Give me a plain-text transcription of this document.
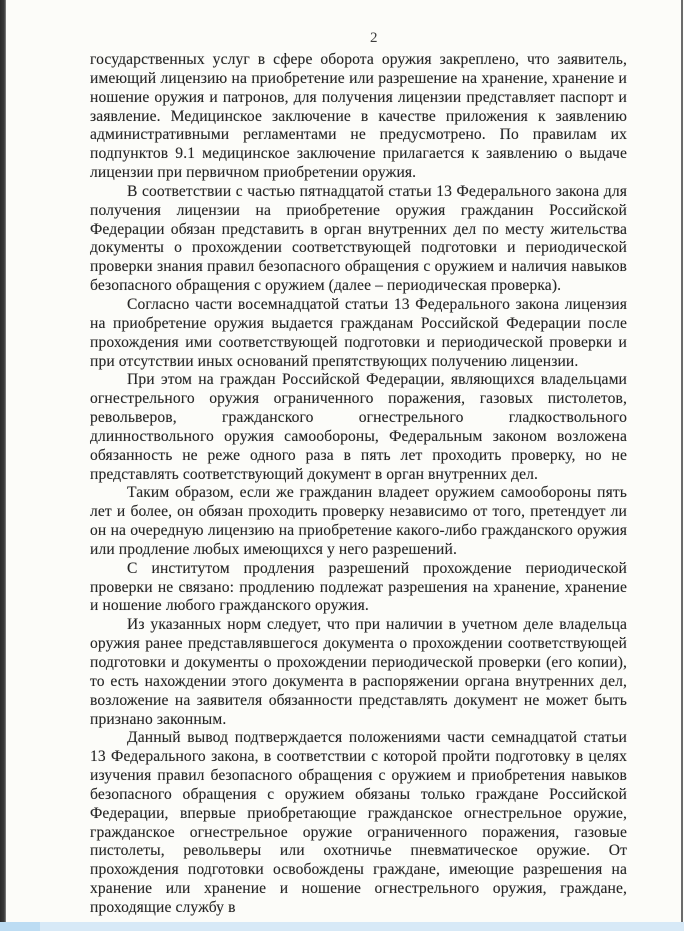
2

государственных услуг в сфере оборота оружия закреплено, что заявитель, имеющий лицензию на приобретение или разрешение на хранение, хранение и ношение оружия и патронов, для получения лицензии представляет паспорт и заявление. Медицинское заключение в качестве приложения к заявлению административными регламентами не предусмотрено. По правилам их подпунктов 9.1 медицинское заключение прилагается к заявлению о выдаче лицензии при первичном приобретении оружия.

В соответствии с частью пятнадцатой статьи 13 Федерального закона для получения лицензии на приобретение оружия гражданин Российской Федерации обязан представить в орган внутренних дел по месту жительства документы о прохождении соответствующей подготовки и периодической проверки знания правил безопасного обращения с оружием и наличия навыков безопасного обращения с оружием (далее – периодическая проверка).

Согласно части восемнадцатой статьи 13 Федерального закона лицензия на приобретение оружия выдается гражданам Российской Федерации после прохождения ими соответствующей подготовки и периодической проверки и при отсутствии иных оснований препятствующих получению лицензии.

При этом на граждан Российской Федерации, являющихся владельцами огнестрельного оружия ограниченного поражения, газовых пистолетов, револьверов, гражданского огнестрельного гладкоствольного длинноствольного оружия самообороны, Федеральным законом возложена обязанность не реже одного раза в пять лет проходить проверку, но не представлять соответствующий документ в орган внутренних дел.

Таким образом, если же гражданин владеет оружием самообороны пять лет и более, он обязан проходить проверку независимо от того, претендует ли он на очередную лицензию на приобретение какого-либо гражданского оружия или продление любых имеющихся у него разрешений.

С институтом продления разрешений прохождение периодической проверки не связано: продлению подлежат разрешения на хранение, хранение и ношение любого гражданского оружия.

Из указанных норм следует, что при наличии в учетном деле владельца оружия ранее представлявшегося документа о прохождении соответствующей подготовки и документы о прохождении периодической проверки (его копии), то есть нахождении этого документа в распоряжении органа внутренних дел, возложение на заявителя обязанности представлять документ не может быть признано законным.

Данный вывод подтверждается положениями части семнадцатой статьи 13 Федерального закона, в соответствии с которой пройти подготовку в целях изучения правил безопасного обращения с оружием и приобретения навыков безопасного обращения с оружием обязаны только граждане Российской Федерации, впервые приобретающие гражданское огнестрельное оружие, гражданское огнестрельное оружие ограниченного поражения, газовые пистолеты, револьверы или охотничье пневматическое оружие. От прохождения подготовки освобождены граждане, имеющие разрешения на хранение или хранение и ношение огнестрельного оружия, граждане, проходящие службу в
